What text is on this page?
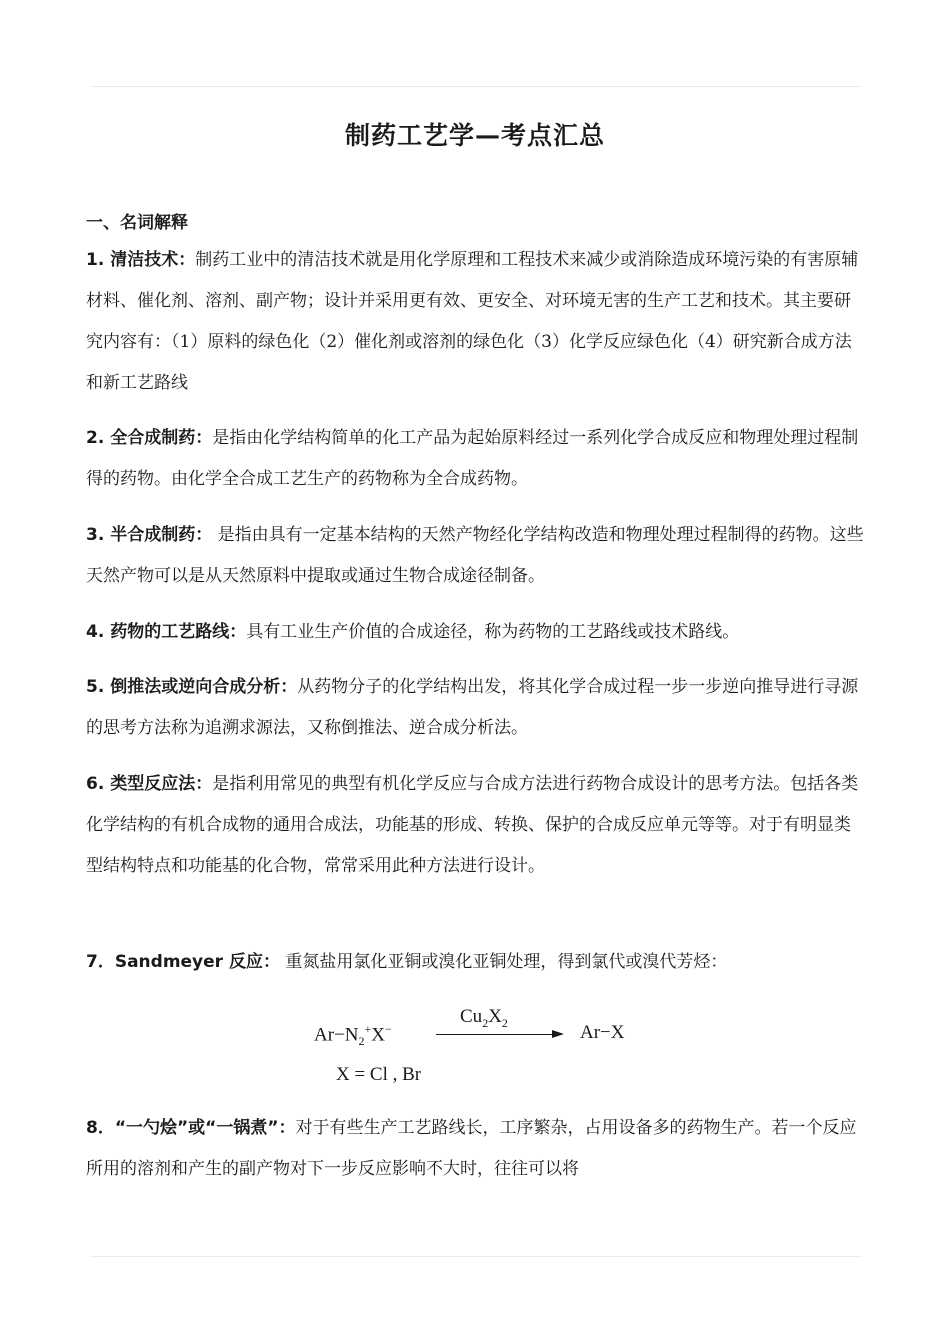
制药工艺学—考点汇总
一、名词解释
1. 清洁技术：制药工业中的清洁技术就是用化学原理和工程技术来减少或消除造成环境污染的有害原辅材料、催化剂、溶剂、副产物；设计并采用更有效、更安全、对环境无害的生产工艺和技术。其主要研究内容有：（1）原料的绿色化（2）催化剂或溶剂的绿色化（3）化学反应绿色化（4）研究新合成方法和新工艺路线
2. 全合成制药：是指由化学结构简单的化工产品为起始原料经过一系列化学合成反应和物理处理过程制得的药物。由化学全合成工艺生产的药物称为全合成药物。
3. 半合成制药： 是指由具有一定基本结构的天然产物经化学结构改造和物理处理过程制得的药物。这些天然产物可以是从天然原料中提取或通过生物合成途径制备。
4. 药物的工艺路线：具有工业生产价值的合成途径，称为药物的工艺路线或技术路线。
5. 倒推法或逆向合成分析：从药物分子的化学结构出发，将其化学合成过程一步一步逆向推导进行寻源的思考方法称为追溯求源法，又称倒推法、逆合成分析法。
6. 类型反应法：是指利用常见的典型有机化学反应与合成方法进行药物合成设计的思考方法。包括各类化学结构的有机合成物的通用合成法，功能基的形成、转换、保护的合成反应单元等等。对于有明显类型结构特点和功能基的化合物，常常采用此种方法进行设计。
7．Sandmeyer 反应： 重氮盐用氯化亚铜或溴化亚铜处理，得到氯代或溴代芳烃：
$Ar-N_2^+X^-$
$Cu_2X_2$	Ar−X
X = Cl , Br
8．“一勺烩”或“一锅煮”：对于有些生产工艺路线长，工序繁杂，占用设备多的药物生产。若一个反应所用的溶剂和产生的副产物对下一步反应影响不大时，往往可以将
